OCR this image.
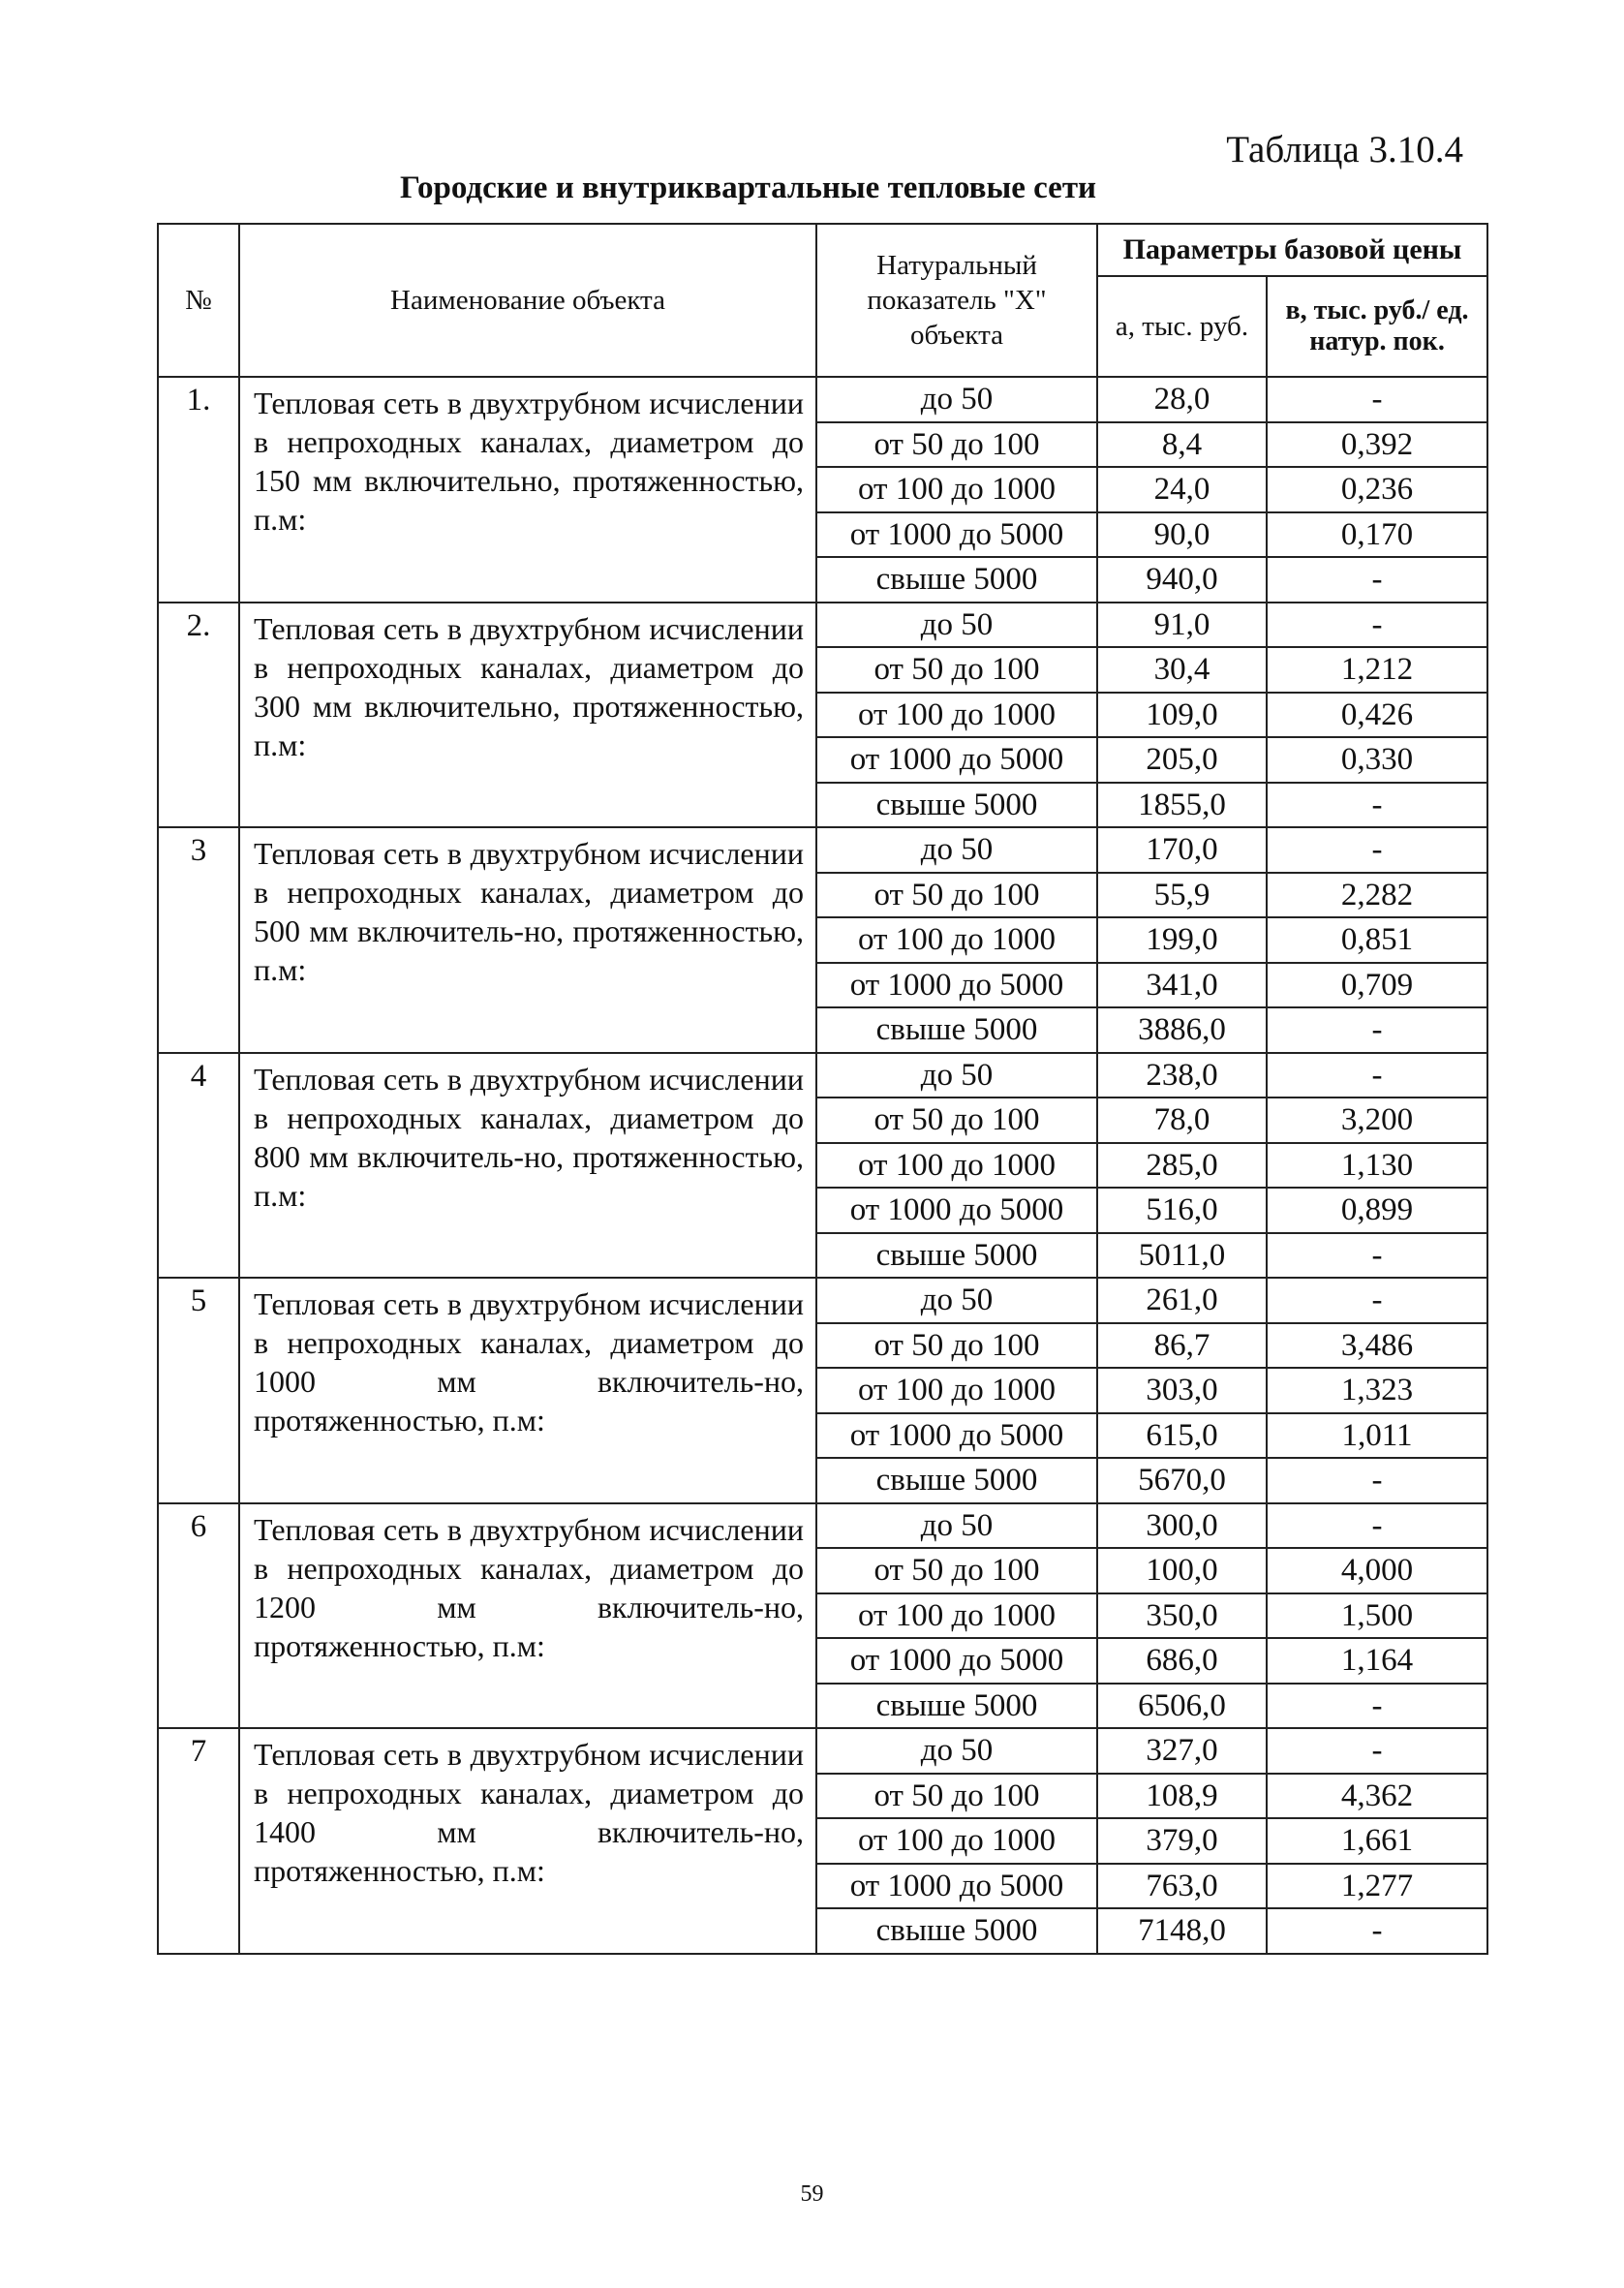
Таблица 3.10.4
Городские и внутриквартальные тепловые сети
№	Наименование объекта	Натуральный показатель "Х" объекта	Параметры базовой цены	
			а, тыс. руб.	в, тыс. руб./ ед. натур. пок.
1.	Тепловая сеть в двухтрубном исчислении в непроходных каналах, диаметром до 150 мм включительно, протяженностью, п.м:	до 50	28,0	-
		от 50 до 100	8,4	0,392
		от 100 до 1000	24,0	0,236
		от 1000 до 5000	90,0	0,170
		свыше 5000	940,0	-
2.	Тепловая сеть в двухтрубном исчислении в непроходных каналах, диаметром до 300 мм включительно, протяженностью, п.м:	до 50	91,0	-
		от 50 до 100	30,4	1,212
		от 100 до 1000	109,0	0,426
		от 1000 до 5000	205,0	0,330
		свыше 5000	1855,0	-
3	Тепловая сеть в двухтрубном исчислении в непроходных каналах, диаметром до 500 мм включитель-но, протяженностью, п.м:	до 50	170,0	-
		от 50 до 100	55,9	2,282
		от 100 до 1000	199,0	0,851
		от 1000 до 5000	341,0	0,709
		свыше 5000	3886,0	-
4	Тепловая сеть в двухтрубном исчислении в непроходных каналах, диаметром до 800 мм включитель-но, протяженностью, п.м:	до 50	238,0	-
		от 50 до 100	78,0	3,200
		от 100 до 1000	285,0	1,130
		от 1000 до 5000	516,0	0,899
		свыше 5000	5011,0	-
5	Тепловая сеть в двухтрубном исчислении в непроходных каналах, диаметром до 1000 мм включитель-но, протяженностью, п.м:	до 50	261,0	-
		от 50 до 100	86,7	3,486
		от 100 до 1000	303,0	1,323
		от 1000 до 5000	615,0	1,011
		свыше 5000	5670,0	-
6	Тепловая сеть в двухтрубном исчислении в непроходных каналах, диаметром до 1200 мм включитель-но, протяженностью, п.м:	до 50	300,0	-
		от 50 до 100	100,0	4,000
		от 100 до 1000	350,0	1,500
		от 1000 до 5000	686,0	1,164
		свыше 5000	6506,0	-
7	Тепловая сеть в двухтрубном исчислении в непроходных каналах, диаметром до 1400 мм включитель-но, протяженностью, п.м:	до 50	327,0	-
		от 50 до 100	108,9	4,362
		от 100 до 1000	379,0	1,661
		от 1000 до 5000	763,0	1,277
		свыше 5000	7148,0	-
59
